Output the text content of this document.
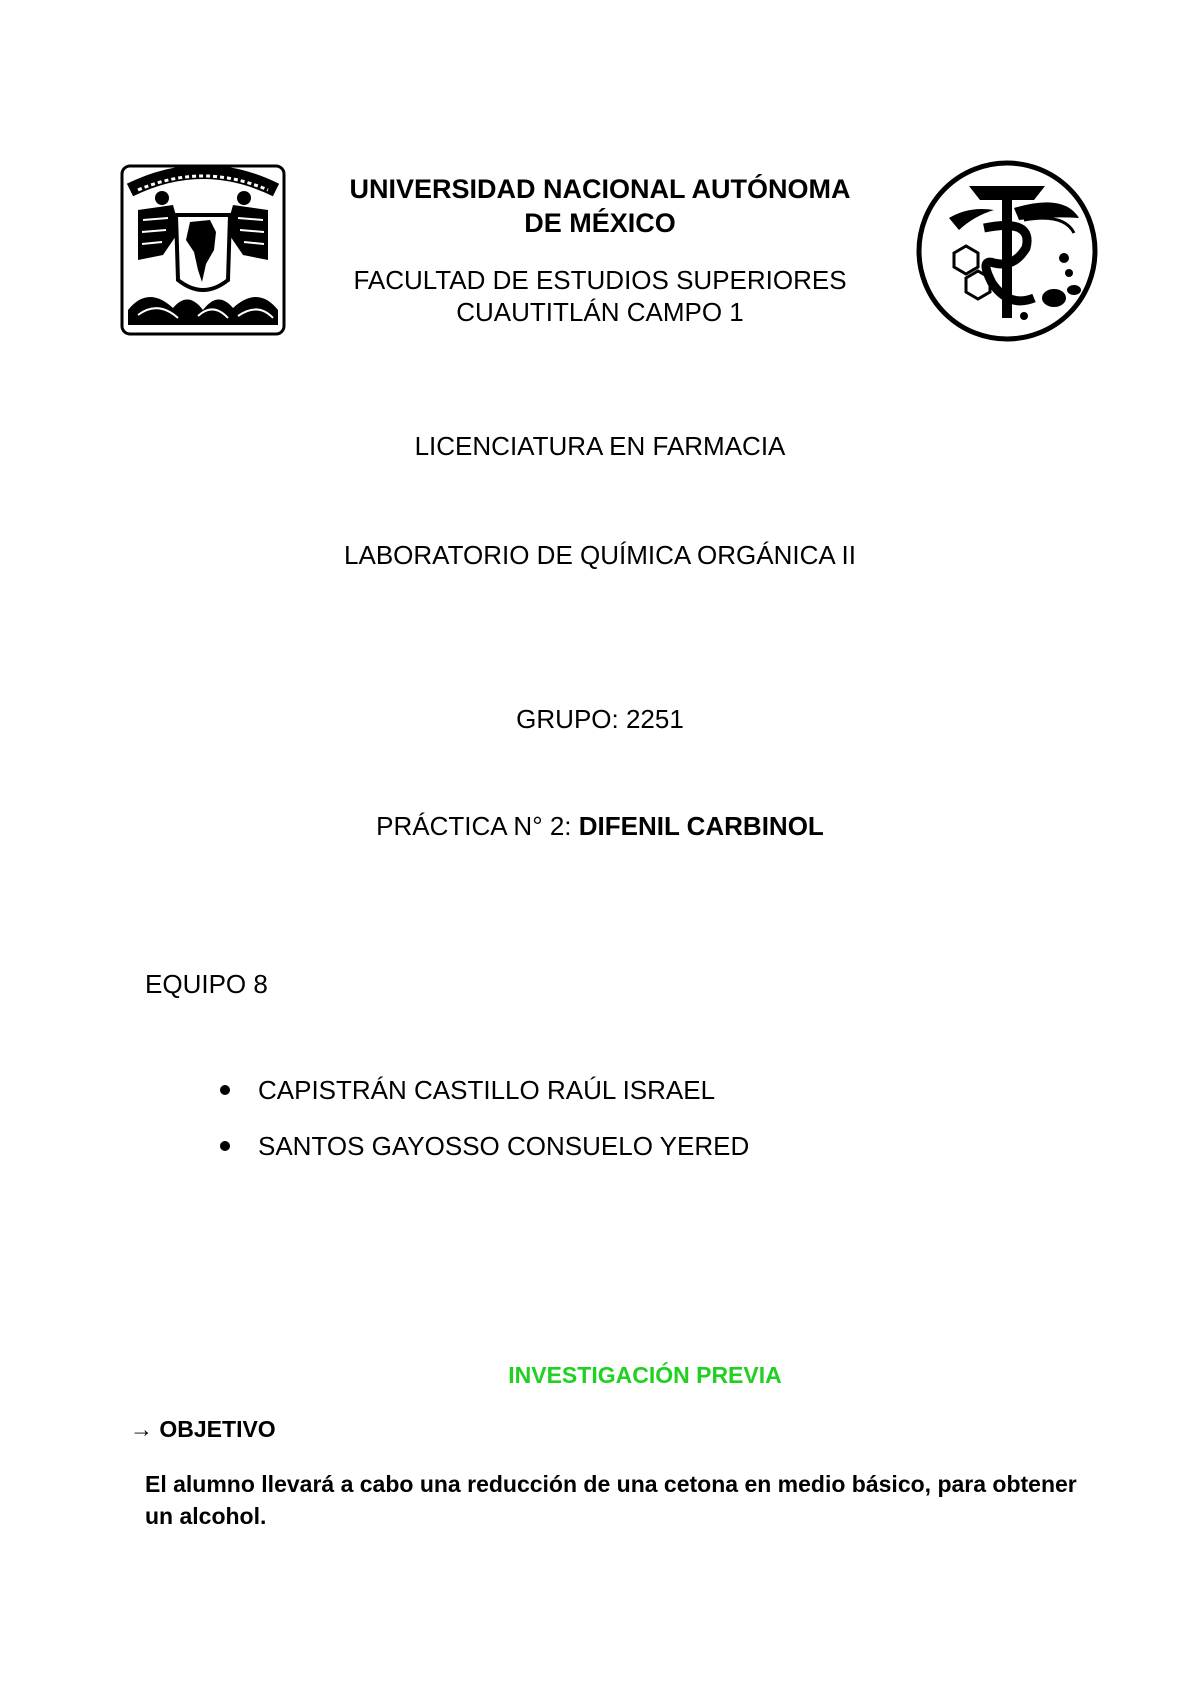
UNIVERSIDAD NACIONAL AUTÓNOMA
DE MÉXICO
FACULTAD DE ESTUDIOS SUPERIORES
CUAUTITLÁN CAMPO 1
LICENCIATURA EN FARMACIA
LABORATORIO DE QUÍMICA ORGÁNICA II
GRUPO: 2251
PRÁCTICA N° 2: DIFENIL CARBINOL
EQUIPO 8
CAPISTRÁN CASTILLO RAÚL ISRAEL
SANTOS GAYOSSO CONSUELO YERED
INVESTIGACIÓN PREVIA
→ OBJETIVO
El alumno llevará a cabo una reducción de una cetona en medio básico, para obtener un alcohol.
